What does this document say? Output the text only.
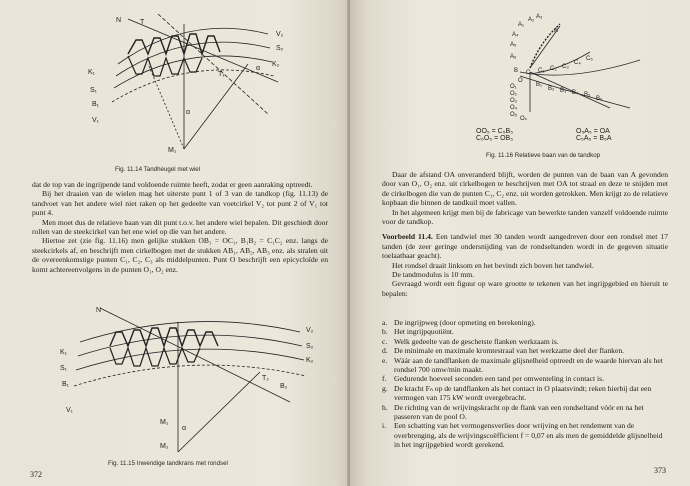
N	T
V₂
S₂
K₂
K₁
S₁
B₁
V₁
T₁
α
α
M₁
Fig. 11.14 Tandheugel met wiel

dat de top van de ingrijpende tand voldoende ruimte heeft, zodat er geen aanraking optreedt.

Bij het draaien van de wielen mag het uiterste punt 1 of 3 van de tandkop (fig. 11.13) de tandvoet van het andere wiel niet raken op het gedeelte van voetcirkel V₂ tot punt 2 of V₁ tot punt 4.

Men moet dus de relatieve baan van dit punt t.o.v. het andere wiel bepalen. Dit geschiedt door rollen van de steekcirkel van het ene wiel op die van het andere.

Hiertoe zet (zie fig. 11.16) men gelijke stukken OB₁ = OC₁, B₁B₂ = C₁C₂ enz. langs de steekcirkels af, en beschrijft men cirkelbogen met de stukken AB₁, AB₂, AB₃ enz. als stralen uit de overeenkomstige punten C₁, C₂, C₃ als middelpunten. Punt O beschrijft een epicycloïde en komt achtereenvolgens in de punten O₁, O₂ enz.

N
V₂
S₂
K₂
K₁
S₁
B₁
V₁
T₂
B₂
M₁
M₂
α
Fig. 11.15 Inwendige tandkrans met rondsel
372
A₁
A₂ A₃
A₄
A₅
A₆
A
B C C₁ C₂ C₃
C₄
C₅
O
O₁
O₂
O₃
O₄
O₅
O₆
B₁
B₂ B₃ B₄ B₅
B₆
OO₅ = C₅B₅
C₅O₅ = OB₅
O₅A₅ = OA
C₅A₅ = B₅A
Fig. 11.16 Relatieve baan van de tandkop

Daar de afstand OA onveranderd blijft, worden de punten van de baan van A gevonden door van O₁, O₂ enz. uit cirkelbogen te beschrijven met OA tot straal en deze te snijden met de cirkelbogen die van de punten C₁, C₂ enz. uit worden getrokken. Men krijgt zo de relatieve kopbaan die binnen de tandkuil moet vallen.

In het algemeen krijgt men bij de fabricage van bewerkte tanden vanzelf voldoende ruimte voor de tandkop.

Voorbeeld 11.4. Een tandwiel met 30 tanden wordt aangedreven door een rondsel met 17 tanden (de zeer geringe ondersnijding van de rondseltanden wordt in de gegeven situatie toelaatbaar geacht).

Het rondsel draait linksom en het bevindt zich boven het tandwiel.

De tandmodulus is 10 mm.

Gevraagd wordt een figuur op ware grootte te tekenen van het ingrijpgebied en hieruit te bepalen:

a. De ingrijpweg (door opmeting en berekening).
b. Het ingrijpquotiënt.
c. Welk gedeelte van de geschetste flanken werkzaam is.
d. De minimale en maximale kromtestraal van het werkzame deel der flanken.
e. Wáár aan de tandflanken de maximale glijsnelheid optreedt en de waarde hiervan als het rondsel 700 omw/min maakt.
f. Gedurende hoeveel seconden een tand per omwenteling in contact is.
g. De kracht Fₙ op de tandflanken als het contact in O plaatsvindt; reken hierbij dat een vermogen van 175 kW wordt overgebracht.
h. De richting van de wrijvingskracht op de flank van een rondseltand vóór en na het passeren van de pool O.
i.	Een schatting van het vermogensverlies door wrijving en het rendement van de overbrenging, als de wrijvingscoëfficient f = 0,07 en als men de gemiddelde glijsnelheid in het ingrijpgebied wordt gerekend.
373
